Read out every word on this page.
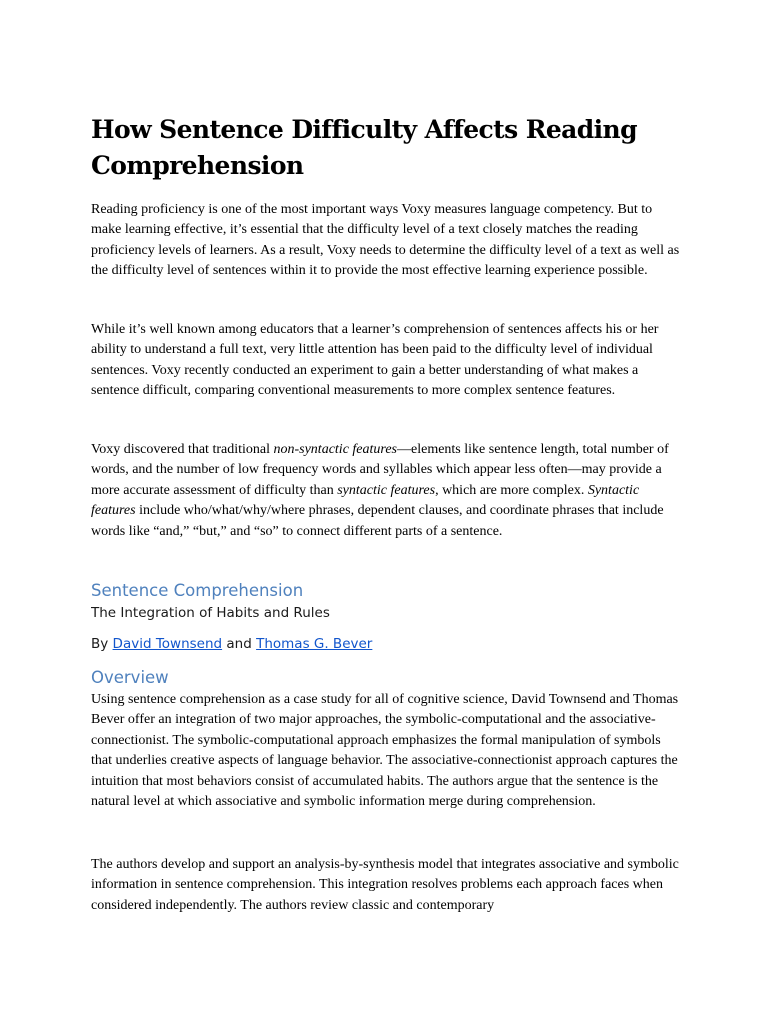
How Sentence Difficulty Affects Reading Comprehension

Reading proficiency is one of the most important ways Voxy measures language competency. But to make learning effective, it’s essential that the difficulty level of a text closely matches the reading proficiency levels of learners. As a result, Voxy needs to determine the difficulty level of a text as well as the difficulty level of sentences within it to provide the most effective learning experience possible.

While it’s well known among educators that a learner’s comprehension of sentences affects his or her ability to understand a full text, very little attention has been paid to the difficulty level of individual sentences. Voxy recently conducted an experiment to gain a better understanding of what makes a sentence difficult, comparing conventional measurements to more complex sentence features.

Voxy discovered that traditional non-syntactic features—elements like sentence length, total number of words, and the number of low frequency words and syllables which appear less often—may provide a more accurate assessment of difficulty than syntactic features, which are more complex. Syntactic features include who/what/why/where phrases, dependent clauses, and coordinate phrases that include words like “and,” “but,” and “so” to connect different parts of a sentence.

Sentence Comprehension

The Integration of Habits and Rules

By David Townsend and Thomas G. Bever

Overview

Using sentence comprehension as a case study for all of cognitive science, David Townsend and Thomas Bever offer an integration of two major approaches, the symbolic-computational and the associative-connectionist. The symbolic-computational approach emphasizes the formal manipulation of symbols that underlies creative aspects of language behavior. The associative-connectionist approach captures the intuition that most behaviors consist of accumulated habits. The authors argue that the sentence is the natural level at which associative and symbolic information merge during comprehension.

The authors develop and support an analysis-by-synthesis model that integrates associative and symbolic information in sentence comprehension. This integration resolves problems each approach faces when considered independently. The authors review classic and contemporary
